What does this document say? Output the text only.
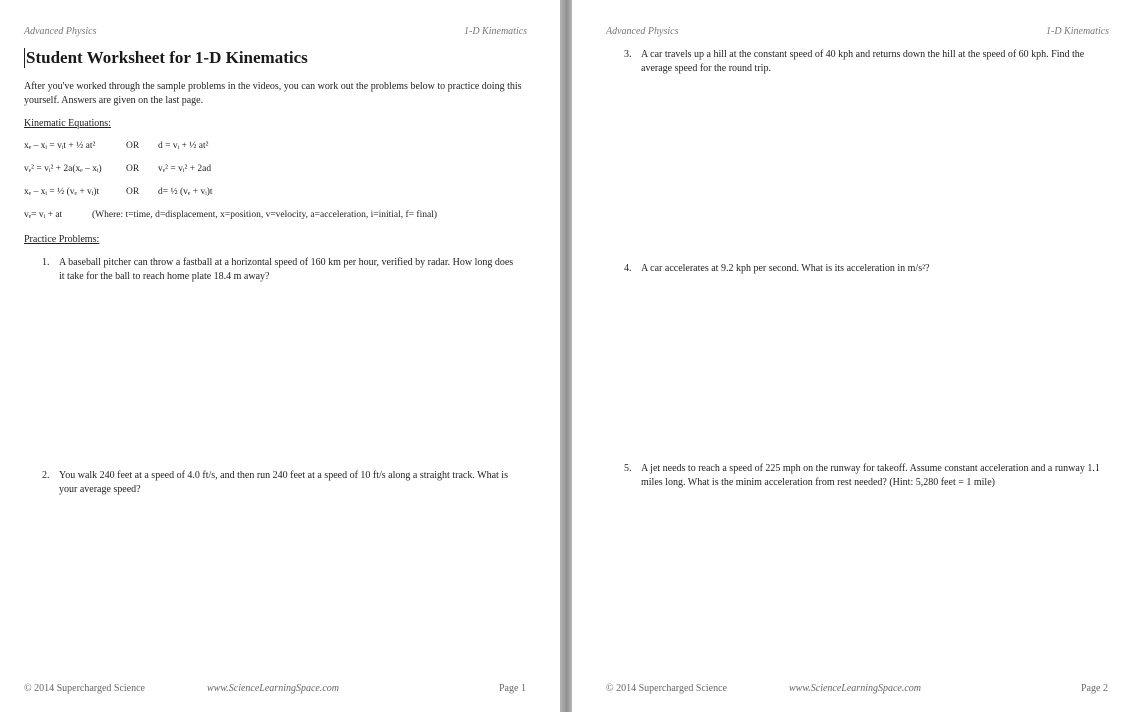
Advanced Physics	1-D Kinematics
Student Worksheet for 1-D Kinematics
After you've worked through the sample problems in the videos, you can work out the problems below to practice doing this yourself. Answers are given on the last page.
Kinematic Equations:
xₑ – xᵢ = vᵢt + ½ at²	OR d = vᵢ + ½ at²
vₑ² = vᵢ² + 2a(xₑ – xᵢ)	OR vₑ² = vᵢ² + 2ad
xₑ – xᵢ = ½ (vₑ + vᵢ)t	OR d= ½ (vₑ + vᵢ)t
vₑ= vᵢ + at	(Where: t=time, d=displacement, x=position, v=velocity, a=acceleration, i=initial, f= final)
Practice Problems:
1. A baseball pitcher can throw a fastball at a horizontal speed of 160 km per hour, verified by radar. How long does it take for the ball to reach home plate 18.4 m away?
2. You walk 240 feet at a speed of 4.0 ft/s, and then run 240 feet at a speed of 10 ft/s along a straight track. What is your average speed?
© 2014 Supercharged Science	www.ScienceLearningSpace.com	Page 1
Advanced Physics	1-D Kinematics
3. A car travels up a hill at the constant speed of 40 kph and returns down the hill at the speed of 60 kph. Find the average speed for the round trip.
4. A car accelerates at 9.2 kph per second. What is its acceleration in m/s²?
5. A jet needs to reach a speed of 225 mph on the runway for takeoff. Assume constant acceleration and a runway 1.1 miles long. What is the minim acceleration from rest needed? (Hint: 5,280 feet = 1 mile)
© 2014 Supercharged Science	www.ScienceLearningSpace.com	Page 2
